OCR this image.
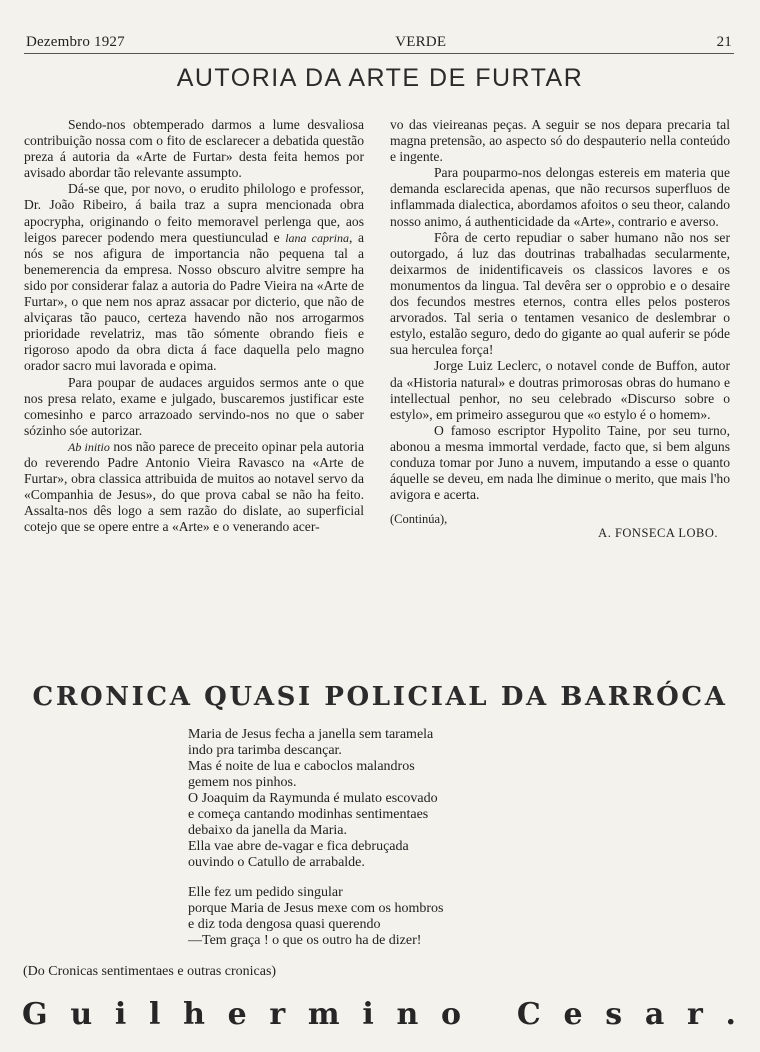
Dezembro 1927	VERDE	21
AUTORIA DA ARTE DE FURTAR

Sendo-nos obtemperado darmos a lume desvaliosa contribuição nossa com o fito de esclarecer a debatida questão preza á autoria da «Arte de Furtar» desta feita hemos por avisado abordar tão relevante assumpto.

Dá-se que, por novo, o erudito philologo e professor, Dr. João Ribeiro, á baila traz a supra mencionada obra apocrypha, originando o feito memoravel perlenga que, aos leigos parecer podendo mera questiunculad e lana caprina, a nós se nos afigura de importancia não pequena tal a benemerencia da empresa. Nosso obscuro alvitre sempre ha sido por considerar falaz a autoria do Padre Vieira na «Arte de Furtar», o que nem nos apraz assacar por dicterio, que não de alviçaras tão pauco, certeza havendo não nos arrogarmos prioridade revelatriz, mas tão sómente obrando fieis e rigoroso apodo da obra dicta á face daquella pelo magno orador sacro mui lavorada e opima.

Para poupar de audaces arguidos sermos ante o que nos presa relato, exame e julgado, buscaremos justificar este comesinho e parco arrazoado servindo-nos no que o saber sózinho sóe autorizar.

Ab initio nos não parece de preceito opinar pela autoria do reverendo Padre Antonio Vieira Ravasco na «Arte de Furtar», obra classica attribuida de muitos ao notavel servo da «Companhia de Jesus», do que prova cabal se não ha feito. Assalta-nos dês logo a sem razão do dislate, ao superficial cotejo que se opere entre a «Arte» e o venerando acer-

vo das vieireanas peças. A seguir se nos depara precaria tal magna pretensão, ao aspecto só do despauterio nella conteúdo e ingente.

Para pouparmo-nos delongas estereis em materia que demanda esclarecida apenas, que não recursos superfluos de inflammada dialectica, abordamos afoitos o seu theor, calando nosso animo, á authenticidade da «Arte», contrario e averso.

Fôra de certo repudiar o saber humano não nos ser outorgado, á luz das doutrinas trabalhadas secularmente, deixarmos de inidentificaveis os classicos lavores e os monumentos da lingua. Tal devêra ser o opprobio e o desaire dos fecundos mestres eternos, contra elles pelos posteros arvorados. Tal seria o tentamen vesanico de deslembrar o estylo, estalão seguro, dedo do gigante ao qual auferir se póde sua herculea força!

Jorge Luiz Leclerc, o notavel conde de Buffon, autor da «Historia natural» e doutras primorosas obras do humano e intellectual penhor, no seu celebrado «Discurso sobre o estylo», em primeiro assegurou que «o estylo é o homem».

O famoso escriptor Hypolito Taine, por seu turno, abonou a mesma immortal verdade, facto que, si bem alguns conduza tomar por Juno a nuvem, imputando a esse o quanto áquelle se deveu, em nada lhe diminue o merito, que mais l'ho avigora e acerta.

(Continúa),
A. FONSECA LOBO.
CRONICA QUASI POLICIAL DA BARRÓCA
Maria de Jesus fecha a janella sem taramela
indo pra tarimba descançar.
Mas é noite de lua e caboclos malandros
gemem nos pinhos.
O Joaquim da Raymunda é mulato escovado
e começa cantando modinhas sentimentaes
debaixo da janella da Maria.
Ella vae abre de-vagar e fica debruçada
ouvindo o Catullo de arrabalde.
Elle fez um pedido singular
porque Maria de Jesus mexe com os hombros
e diz toda dengosa quasi querendo
—Tem graça ! o que os outro ha de dizer!
(Do Cronicas sentimentaes e outras cronicas)
G u i l h e r m i n o
C e s a r .
